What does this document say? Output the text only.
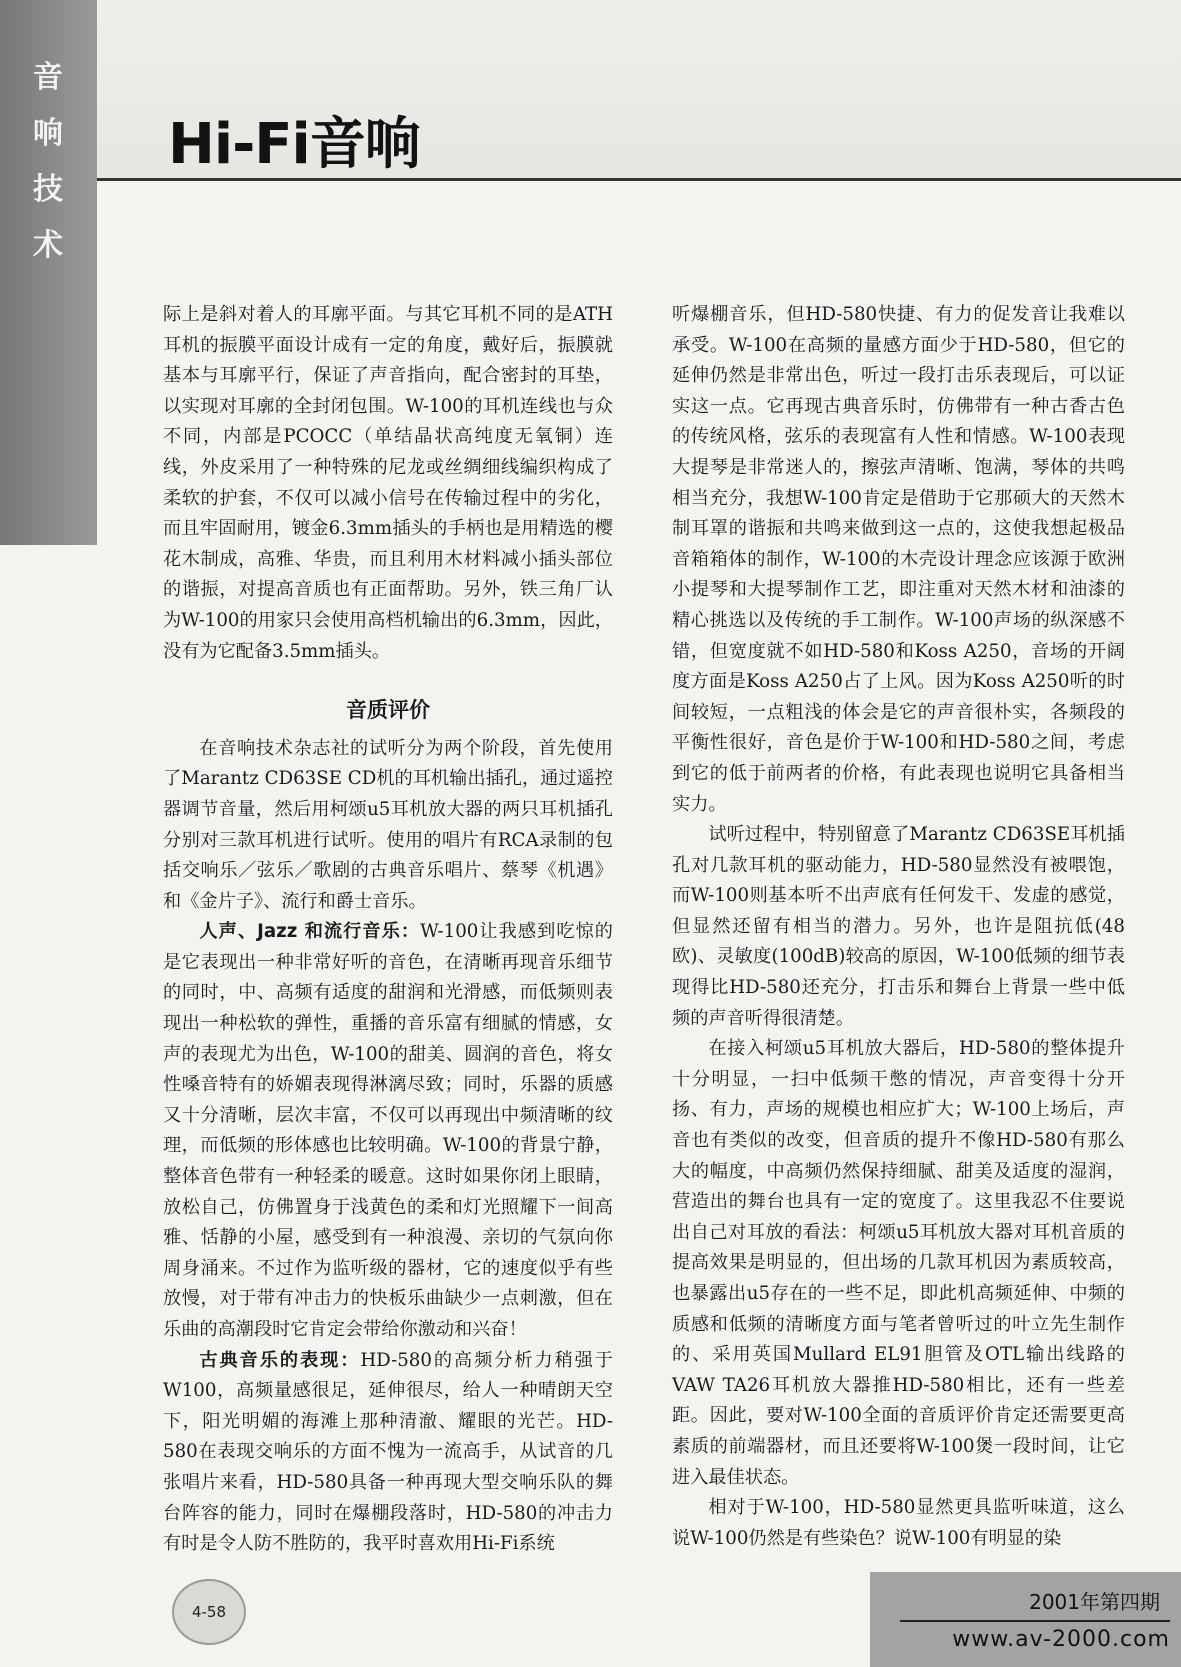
音
响
技
术
Hi-Fi音响

际上是斜对着人的耳廓平面。与其它耳机不同的是ATH耳机的振膜平面设计成有一定的角度，戴好后，振膜就基本与耳廓平行，保证了声音指向，配合密封的耳垫，以实现对耳廓的全封闭包围。W-100的耳机连线也与众不同，内部是PCOCC（单结晶状高纯度无氧铜）连线，外皮采用了一种特殊的尼龙或丝绸细线编织构成了柔软的护套，不仅可以减小信号在传输过程中的劣化，而且牢固耐用，镀金6.3mm插头的手柄也是用精选的樱花木制成，高雅、华贵，而且利用木材料减小插头部位的谐振，对提高音质也有正面帮助。另外，铁三角厂认为W-100的用家只会使用高档机输出的6.3mm，因此，没有为它配备3.5mm插头。

音质评价

在音响技术杂志社的试听分为两个阶段，首先使用了Marantz CD63SE CD机的耳机输出插孔，通过遥控器调节音量，然后用柯颂u5耳机放大器的两只耳机插孔分别对三款耳机进行试听。使用的唱片有RCA录制的包括交响乐／弦乐／歌剧的古典音乐唱片、蔡琴《机遇》和《金片子》、流行和爵士音乐。

人声、Jazz 和流行音乐：W-100让我感到吃惊的是它表现出一种非常好听的音色，在清晰再现音乐细节的同时，中、高频有适度的甜润和光滑感，而低频则表现出一种松软的弹性，重播的音乐富有细腻的情感，女声的表现尤为出色，W-100的甜美、圆润的音色，将女性嗓音特有的娇媚表现得淋漓尽致；同时，乐器的质感又十分清晰，层次丰富，不仅可以再现出中频清晰的纹理，而低频的形体感也比较明确。W-100的背景宁静，整体音色带有一种轻柔的暖意。这时如果你闭上眼睛，放松自己，仿佛置身于浅黄色的柔和灯光照耀下一间高雅、恬静的小屋，感受到有一种浪漫、亲切的气氛向你周身涌来。不过作为监听级的器材，它的速度似乎有些放慢，对于带有冲击力的快板乐曲缺少一点刺激，但在乐曲的高潮段时它肯定会带给你激动和兴奋！

古典音乐的表现：HD-580的高频分析力稍强于W100，高频量感很足，延伸很尽，给人一种晴朗天空下，阳光明媚的海滩上那种清澈、耀眼的光芒。HD-580在表现交响乐的方面不愧为一流高手，从试音的几张唱片来看，HD-580具备一种再现大型交响乐队的舞台阵容的能力，同时在爆棚段落时，HD-580的冲击力有时是令人防不胜防的，我平时喜欢用Hi-Fi系统

听爆棚音乐，但HD-580快捷、有力的促发音让我难以承受。W-100在高频的量感方面少于HD-580，但它的延伸仍然是非常出色，听过一段打击乐表现后，可以证实这一点。它再现古典音乐时，仿佛带有一种古香古色的传统风格，弦乐的表现富有人性和情感。W-100表现大提琴是非常迷人的，擦弦声清晰、饱满，琴体的共鸣相当充分，我想W-100肯定是借助于它那硕大的天然木制耳罩的谐振和共鸣来做到这一点的，这使我想起极品音箱箱体的制作，W-100的木壳设计理念应该源于欧洲小提琴和大提琴制作工艺，即注重对天然木材和油漆的精心挑选以及传统的手工制作。W-100声场的纵深感不错，但宽度就不如HD-580和Koss A250，音场的开阔度方面是Koss A250占了上风。因为Koss A250听的时间较短，一点粗浅的体会是它的声音很朴实，各频段的平衡性很好，音色是价于W-100和HD-580之间，考虑到它的低于前两者的价格，有此表现也说明它具备相当实力。

试听过程中，特别留意了Marantz CD63SE耳机插孔对几款耳机的驱动能力，HD-580显然没有被喂饱，而W-100则基本听不出声底有任何发干、发虚的感觉，但显然还留有相当的潜力。另外，也许是阻抗低(48欧)、灵敏度(100dB)较高的原因，W-100低频的细节表现得比HD-580还充分，打击乐和舞台上背景一些中低频的声音听得很清楚。

在接入柯颂u5耳机放大器后，HD-580的整体提升十分明显，一扫中低频干憋的情况，声音变得十分开扬、有力，声场的规模也相应扩大；W-100上场后，声音也有类似的改变，但音质的提升不像HD-580有那么大的幅度，中高频仍然保持细腻、甜美及适度的湿润，营造出的舞台也具有一定的宽度了。这里我忍不住要说出自己对耳放的看法：柯颂u5耳机放大器对耳机音质的提高效果是明显的，但出场的几款耳机因为素质较高，也暴露出u5存在的一些不足，即此机高频延伸、中频的质感和低频的清晰度方面与笔者曾听过的叶立先生制作的、采用英国Mullard EL91胆管及OTL输出线路的VAW TA26耳机放大器推HD-580相比，还有一些差距。因此，要对W-100全面的音质评价肯定还需要更高素质的前端器材，而且还要将W-100煲一段时间，让它进入最佳状态。

相对于W-100，HD-580显然更具监听味道，这么说W-100仍然是有些染色？说W-100有明显的染

4-58	2001年第四期
www.av-2000.com
